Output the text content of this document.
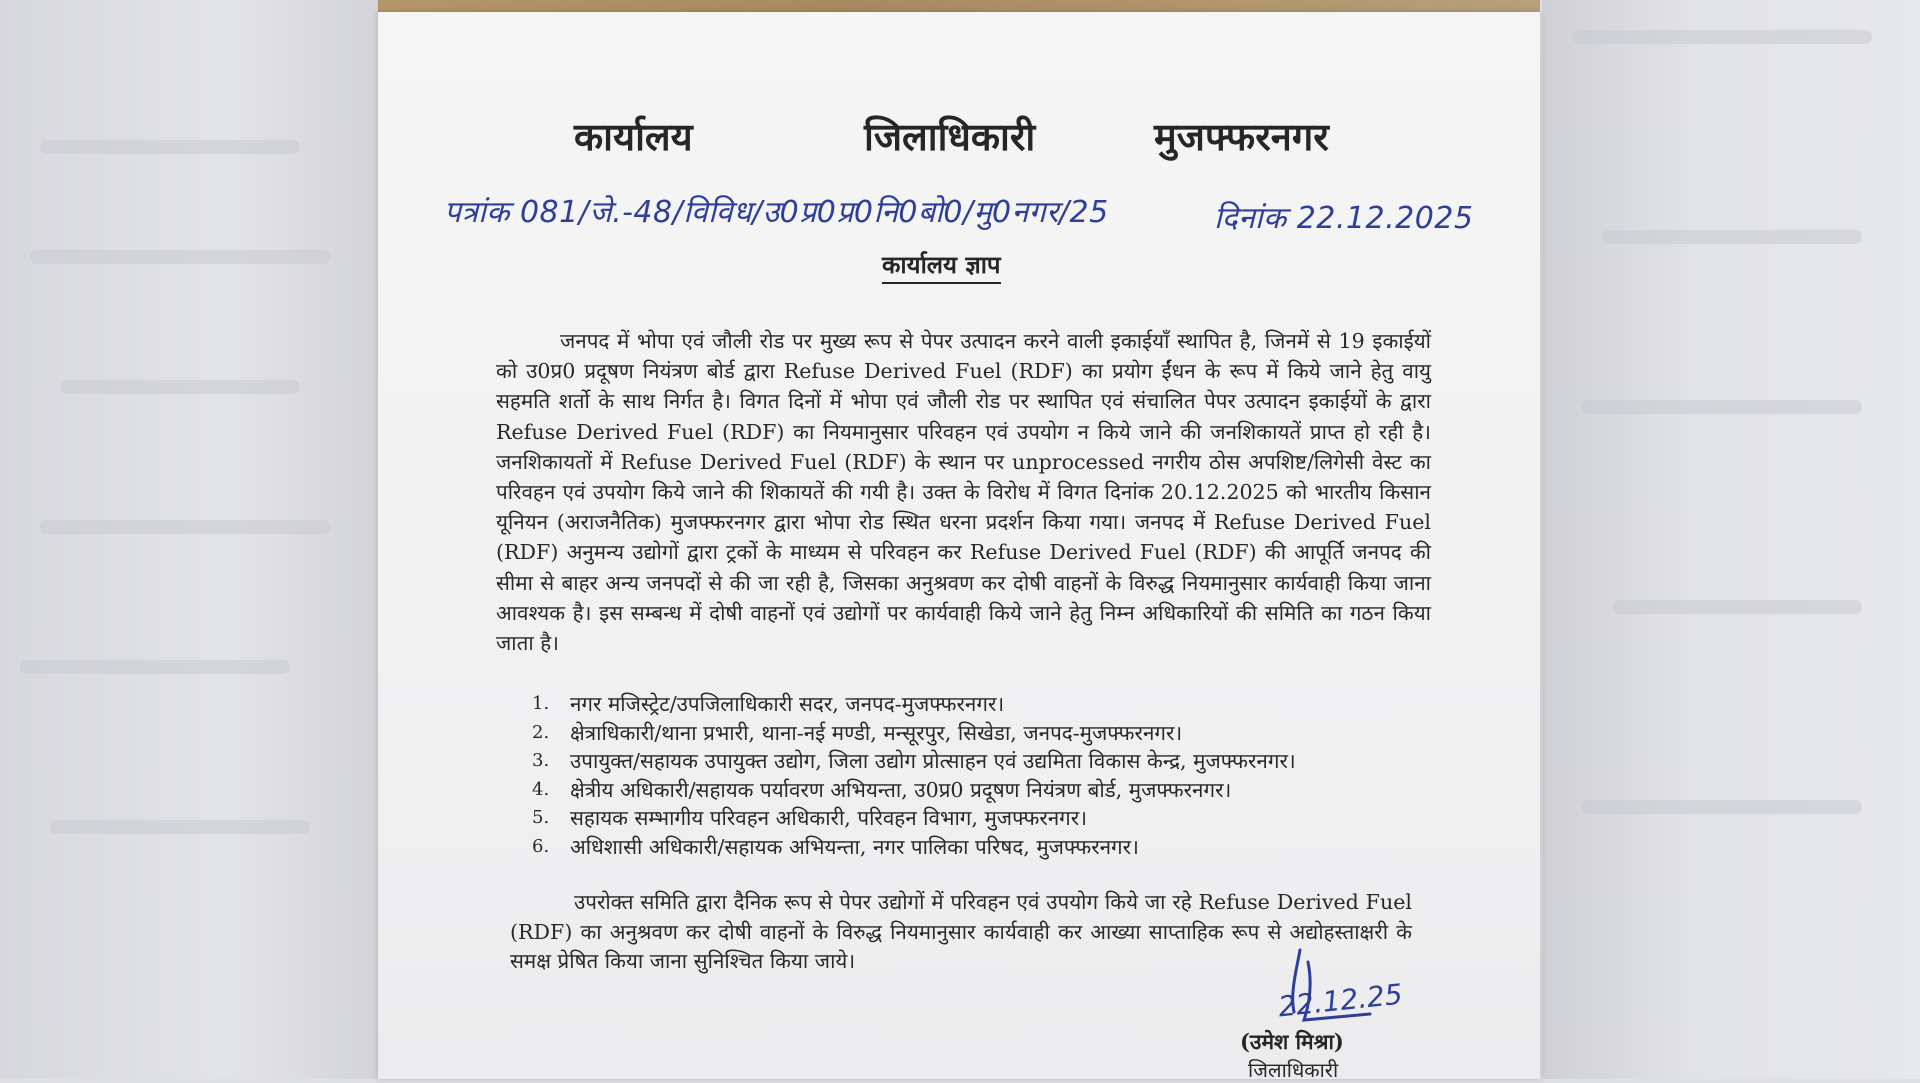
कार्यालय	जिलाधिकारी	मुजफ्फरनगर
पत्रांक 081/जे.-48/विविध/उ0प्र0प्र0नि0बो0/मु0नगर/25	दिनांक 22.12.2025
कार्यालय ज्ञाप

जनपद में भोपा एवं जौली रोड पर मुख्य रूप से पेपर उत्पादन करने वाली इकाईयाँ स्थापित है, जिनमें से 19 इकाईयों को उ0प्र0 प्रदूषण नियंत्रण बोर्ड द्वारा Refuse Derived Fuel (RDF) का प्रयोग ईंधन के रूप में किये जाने हेतु वायु सहमति शर्तो के साथ निर्गत है। विगत दिनों में भोपा एवं जौली रोड पर स्थापित एवं संचालित पेपर उत्पादन इकाईयों के द्वारा Refuse Derived Fuel (RDF) का नियमानुसार परिवहन एवं उपयोग न किये जाने की जनशिकायतें प्राप्त हो रही है। जनशिकायतों में Refuse Derived Fuel (RDF) के स्थान पर unprocessed नगरीय ठोस अपशिष्ट/लिगेसी वेस्ट का परिवहन एवं उपयोग किये जाने की शिकायतें की गयी है। उक्त के विरोध में विगत दिनांक 20.12.2025 को भारतीय किसान यूनियन (अराजनैतिक) मुजफ्फरनगर द्वारा भोपा रोड स्थित धरना प्रदर्शन किया गया। जनपद में Refuse Derived Fuel (RDF) अनुमन्य उद्योगों द्वारा ट्रकों के माध्यम से परिवहन कर Refuse Derived Fuel (RDF) की आपूर्ति जनपद की सीमा से बाहर अन्य जनपदों से की जा रही है, जिसका अनुश्रवण कर दोषी वाहनों के विरुद्ध नियमानुसार कार्यवाही किया जाना आवश्यक है। इस सम्बन्ध में दोषी वाहनों एवं उद्योगों पर कार्यवाही किये जाने हेतु निम्न अधिकारियों की समिति का गठन किया जाता है।

1. नगर मजिस्ट्रेट/उपजिलाधिकारी सदर, जनपद-मुजफ्फरनगर।
2. क्षेत्राधिकारी/थाना प्रभारी, थाना-नई मण्डी, मन्सूरपुर, सिखेडा, जनपद-मुजफ्फरनगर।
3. उपायुक्त/सहायक उपायुक्त उद्योग, जिला उद्योग प्रोत्साहन एवं उद्यमिता विकास केन्द्र, मुजफ्फरनगर।
4. क्षेत्रीय अधिकारी/सहायक पर्यावरण अभियन्ता, उ0प्र0 प्रदूषण नियंत्रण बोर्ड, मुजफ्फरनगर।
5. सहायक सम्भागीय परिवहन अधिकारी, परिवहन विभाग, मुजफ्फरनगर।
6. अधिशासी अधिकारी/सहायक अभियन्ता, नगर पालिका परिषद, मुजफ्फरनगर।

उपरोक्त समिति द्वारा दैनिक रूप से पेपर उद्योगों में परिवहन एवं उपयोग किये जा रहे Refuse Derived Fuel (RDF) का अनुश्रवण कर दोषी वाहनों के विरुद्ध नियमानुसार कार्यवाही कर आख्या साप्ताहिक रूप से अद्योहस्ताक्षरी के समक्ष प्रेषित किया जाना सुनिश्चित किया जाये।

22.12.25
(उमेश मिश्रा)
जिलाधिकारी
